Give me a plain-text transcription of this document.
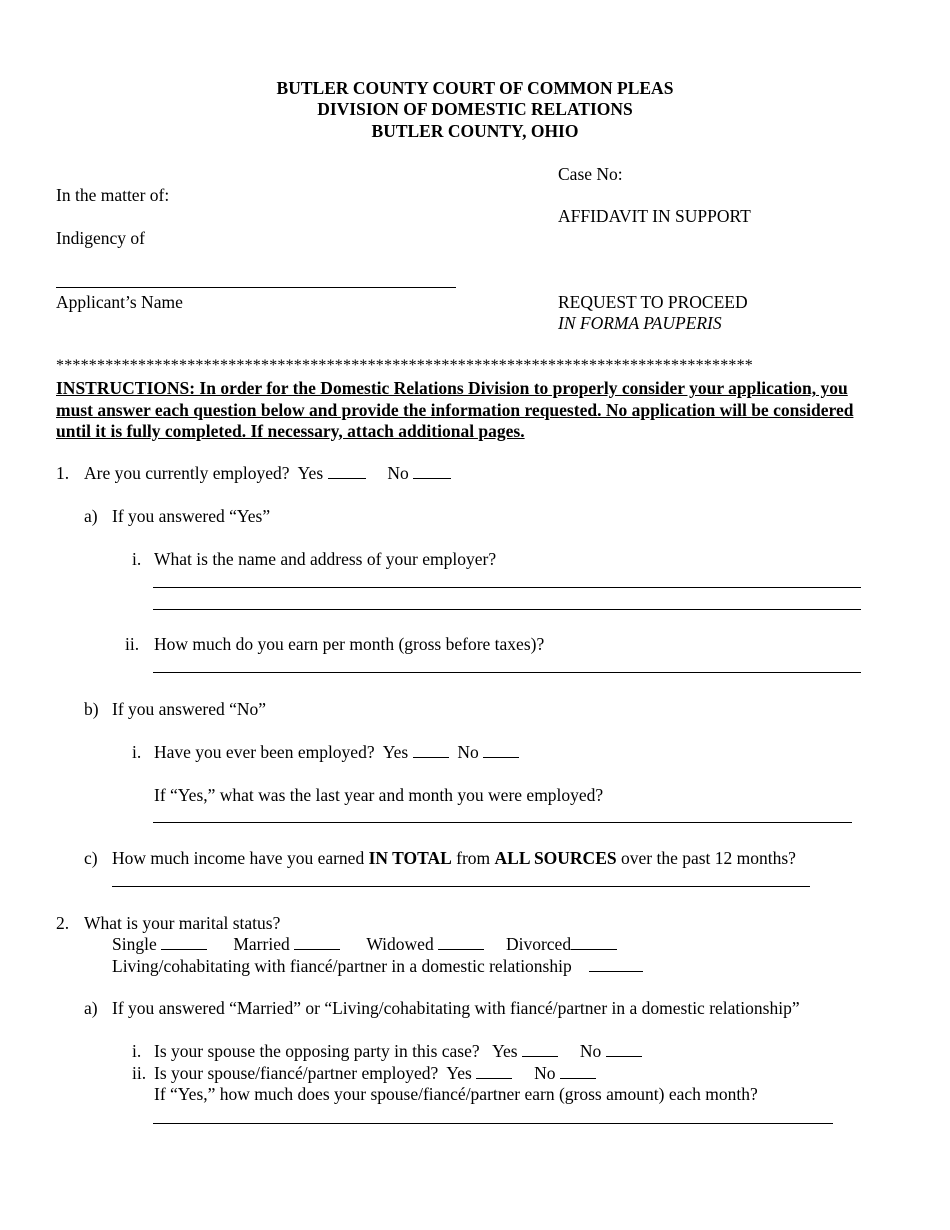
BUTLER COUNTY COURT OF COMMON PLEAS
DIVISION OF DOMESTIC RELATIONS
BUTLER COUNTY, OHIO
Case No:
In the matter of:
AFFIDAVIT IN SUPPORT
Indigency of
Applicant’s Name	REQUEST TO PROCEED
IN FORMA PAUPERIS
*************************************************************************************
INSTRUCTIONS: In order for the Domestic Relations Division to properly consider your application, you must answer each question below and provide the information requested. No application will be considered until it is fully completed. If necessary, attach additional pages.
1. Are you currently employed? Yes	No
a) If you answered “Yes”
i. What is the name and address of your employer?
ii. How much do you earn per month (gross before taxes)?
b) If you answered “No”
i. Have you ever been employed? Yes	No
If “Yes,” what was the last year and month you were employed?
c) How much income have you earned IN TOTAL from ALL SOURCES over the past 12 months?
2. What is your marital status?
Single	Married	Widowed	Divorced
Living/cohabitating with fiancé/partner in a domestic relationship
a) If you answered “Married” or “Living/cohabitating with fiancé/partner in a domestic relationship”
i. Is your spouse the opposing party in this case? Yes	No
ii. Is your spouse/fiancé/partner employed? Yes	No
If “Yes,” how much does your spouse/fiancé/partner earn (gross amount) each month?
